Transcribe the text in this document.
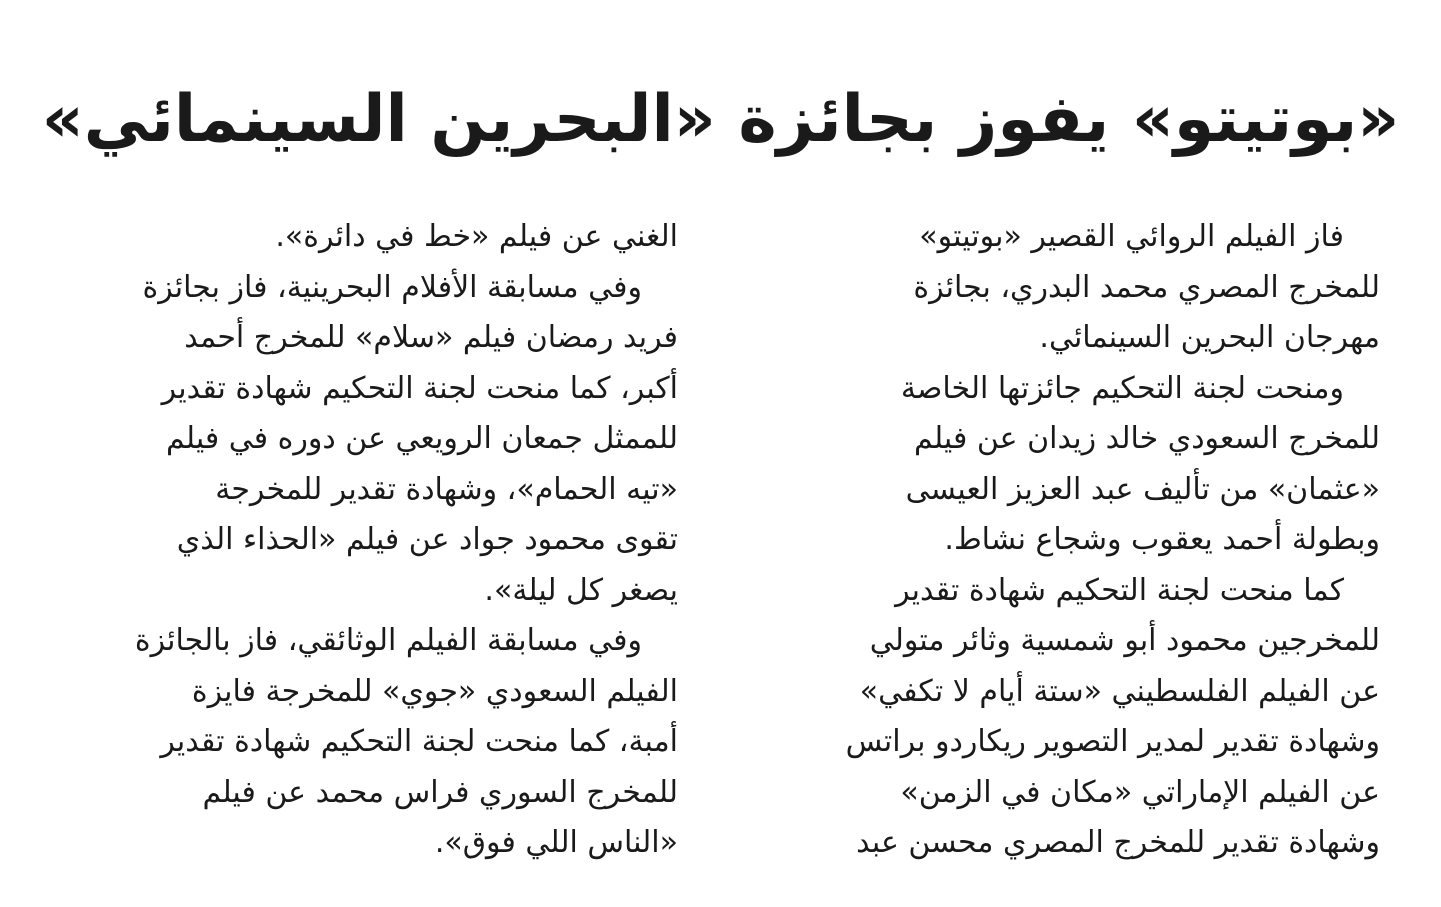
«بوتيتو» يفوز بجائزة «البحرين السينمائي»
فاز الفيلم الروائي القصير «بوتيتو»
للمخرج المصري محمد البدري، بجائزة
مهرجان البحرين السينمائي.
ومنحت لجنة التحكيم جائزتها الخاصة
للمخرج السعودي خالد زيدان عن فيلم
«عثمان» من تأليف عبد العزيز العيسى
وبطولة أحمد يعقوب وشجاع نشاط.
كما منحت لجنة التحكيم شهادة تقدير
للمخرجين محمود أبو شمسية وثائر متولي
عن الفيلم الفلسطيني «ستة أيام لا تكفي»
وشهادة تقدير لمدير التصوير ريكاردو براتس
عن الفيلم الإماراتي «مكان في الزمن»
وشهادة تقدير للمخرج المصري محسن عبد
الغني عن فيلم «خط في دائرة».
وفي مسابقة الأفلام البحرينية، فاز بجائزة
فريد رمضان فيلم «سلام» للمخرج أحمد
أكبر، كما منحت لجنة التحكيم شهادة تقدير
للممثل جمعان الرويعي عن دوره في فيلم
«تيه الحمام»، وشهادة تقدير للمخرجة
تقوى محمود جواد عن فيلم «الحذاء الذي
يصغر كل ليلة».
وفي مسابقة الفيلم الوثائقي، فاز بالجائزة
الفيلم السعودي «جوي» للمخرجة فايزة
أمبة، كما منحت لجنة التحكيم شهادة تقدير
للمخرج السوري فراس محمد عن فيلم
«الناس اللي فوق».
